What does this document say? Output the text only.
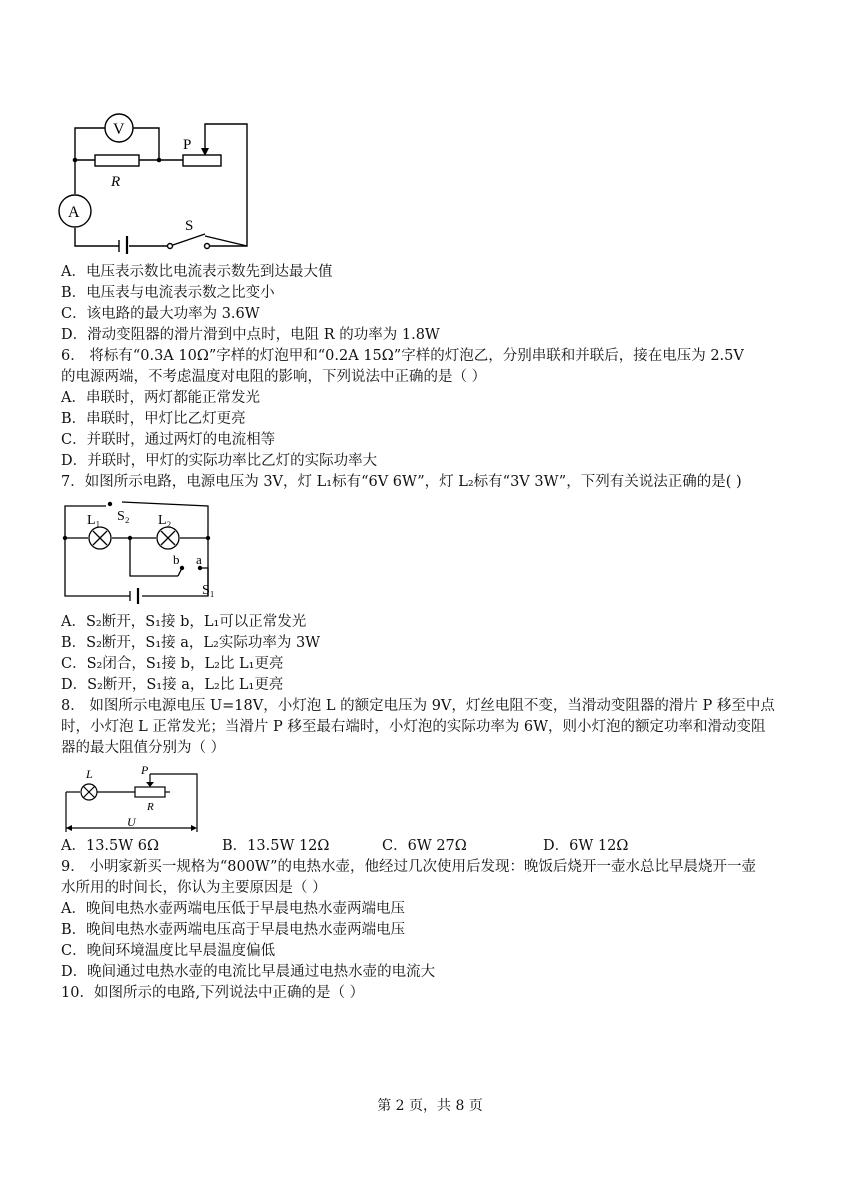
V
A
P
R
S
A．电压表示数比电流表示数先到达最大值
B．电压表与电流表示数之比变小
C．该电路的最大功率为 3.6W
D．滑动变阻器的滑片滑到中点时，电阻 R 的功率为 1.8W
6． 将标有“0.3A 10Ω”字样的灯泡甲和“0.2A 15Ω”字样的灯泡乙，分别串联和并联后，接在电压为 2.5V
的电源两端，不考虑温度对电阻的影响，下列说法中正确的是（ ）
A．串联时，两灯都能正常发光
B．串联时，甲灯比乙灯更亮
C．并联时，通过两灯的电流相等
D．并联时，甲灯的实际功率比乙灯的实际功率大
7．如图所示电路，电源电压为 3V，灯 L₁标有“6V 6W”，灯 L₂标有“3V 3W”，下列有关说法正确的是( )
L₁ S₂ L₂
b a
S₁
A．S₂断开，S₁接 b，L₁可以正常发光
B．S₂断开，S₁接 a，L₂实际功率为 3W
C．S₂闭合，S₁接 b，L₂比 L₁更亮
D．S₂断开，S₁接 a，L₂比 L₁更亮
8． 如图所示电源电压 U=18V，小灯泡 L 的额定电压为 9V，灯丝电阻不变，当滑动变阻器的滑片 P 移至中点
时，小灯泡 L 正常发光；当滑片 P 移至最右端时，小灯泡的实际功率为 6W，则小灯泡的额定功率和滑动变阻
器的最大阻值分别为（ ）
L	P
R
U
A．13.5W 6Ω	B．13.5W 12Ω	C．6W 27Ω	D．6W 12Ω
9． 小明家新买一规格为“800W”的电热水壶，他经过几次使用后发现：晚饭后烧开一壶水总比早晨烧开一壶
水所用的时间长，你认为主要原因是（ ）
A．晚间电热水壶两端电压低于早晨电热水壶两端电压
B．晚间电热水壶两端电压高于早晨电热水壶两端电压
C．晚间环境温度比早晨温度偏低
D．晚间通过电热水壶的电流比早晨通过电热水壶的电流大
10．如图所示的电路,下列说法中正确的是（ ）
第 2 页，共 8 页
